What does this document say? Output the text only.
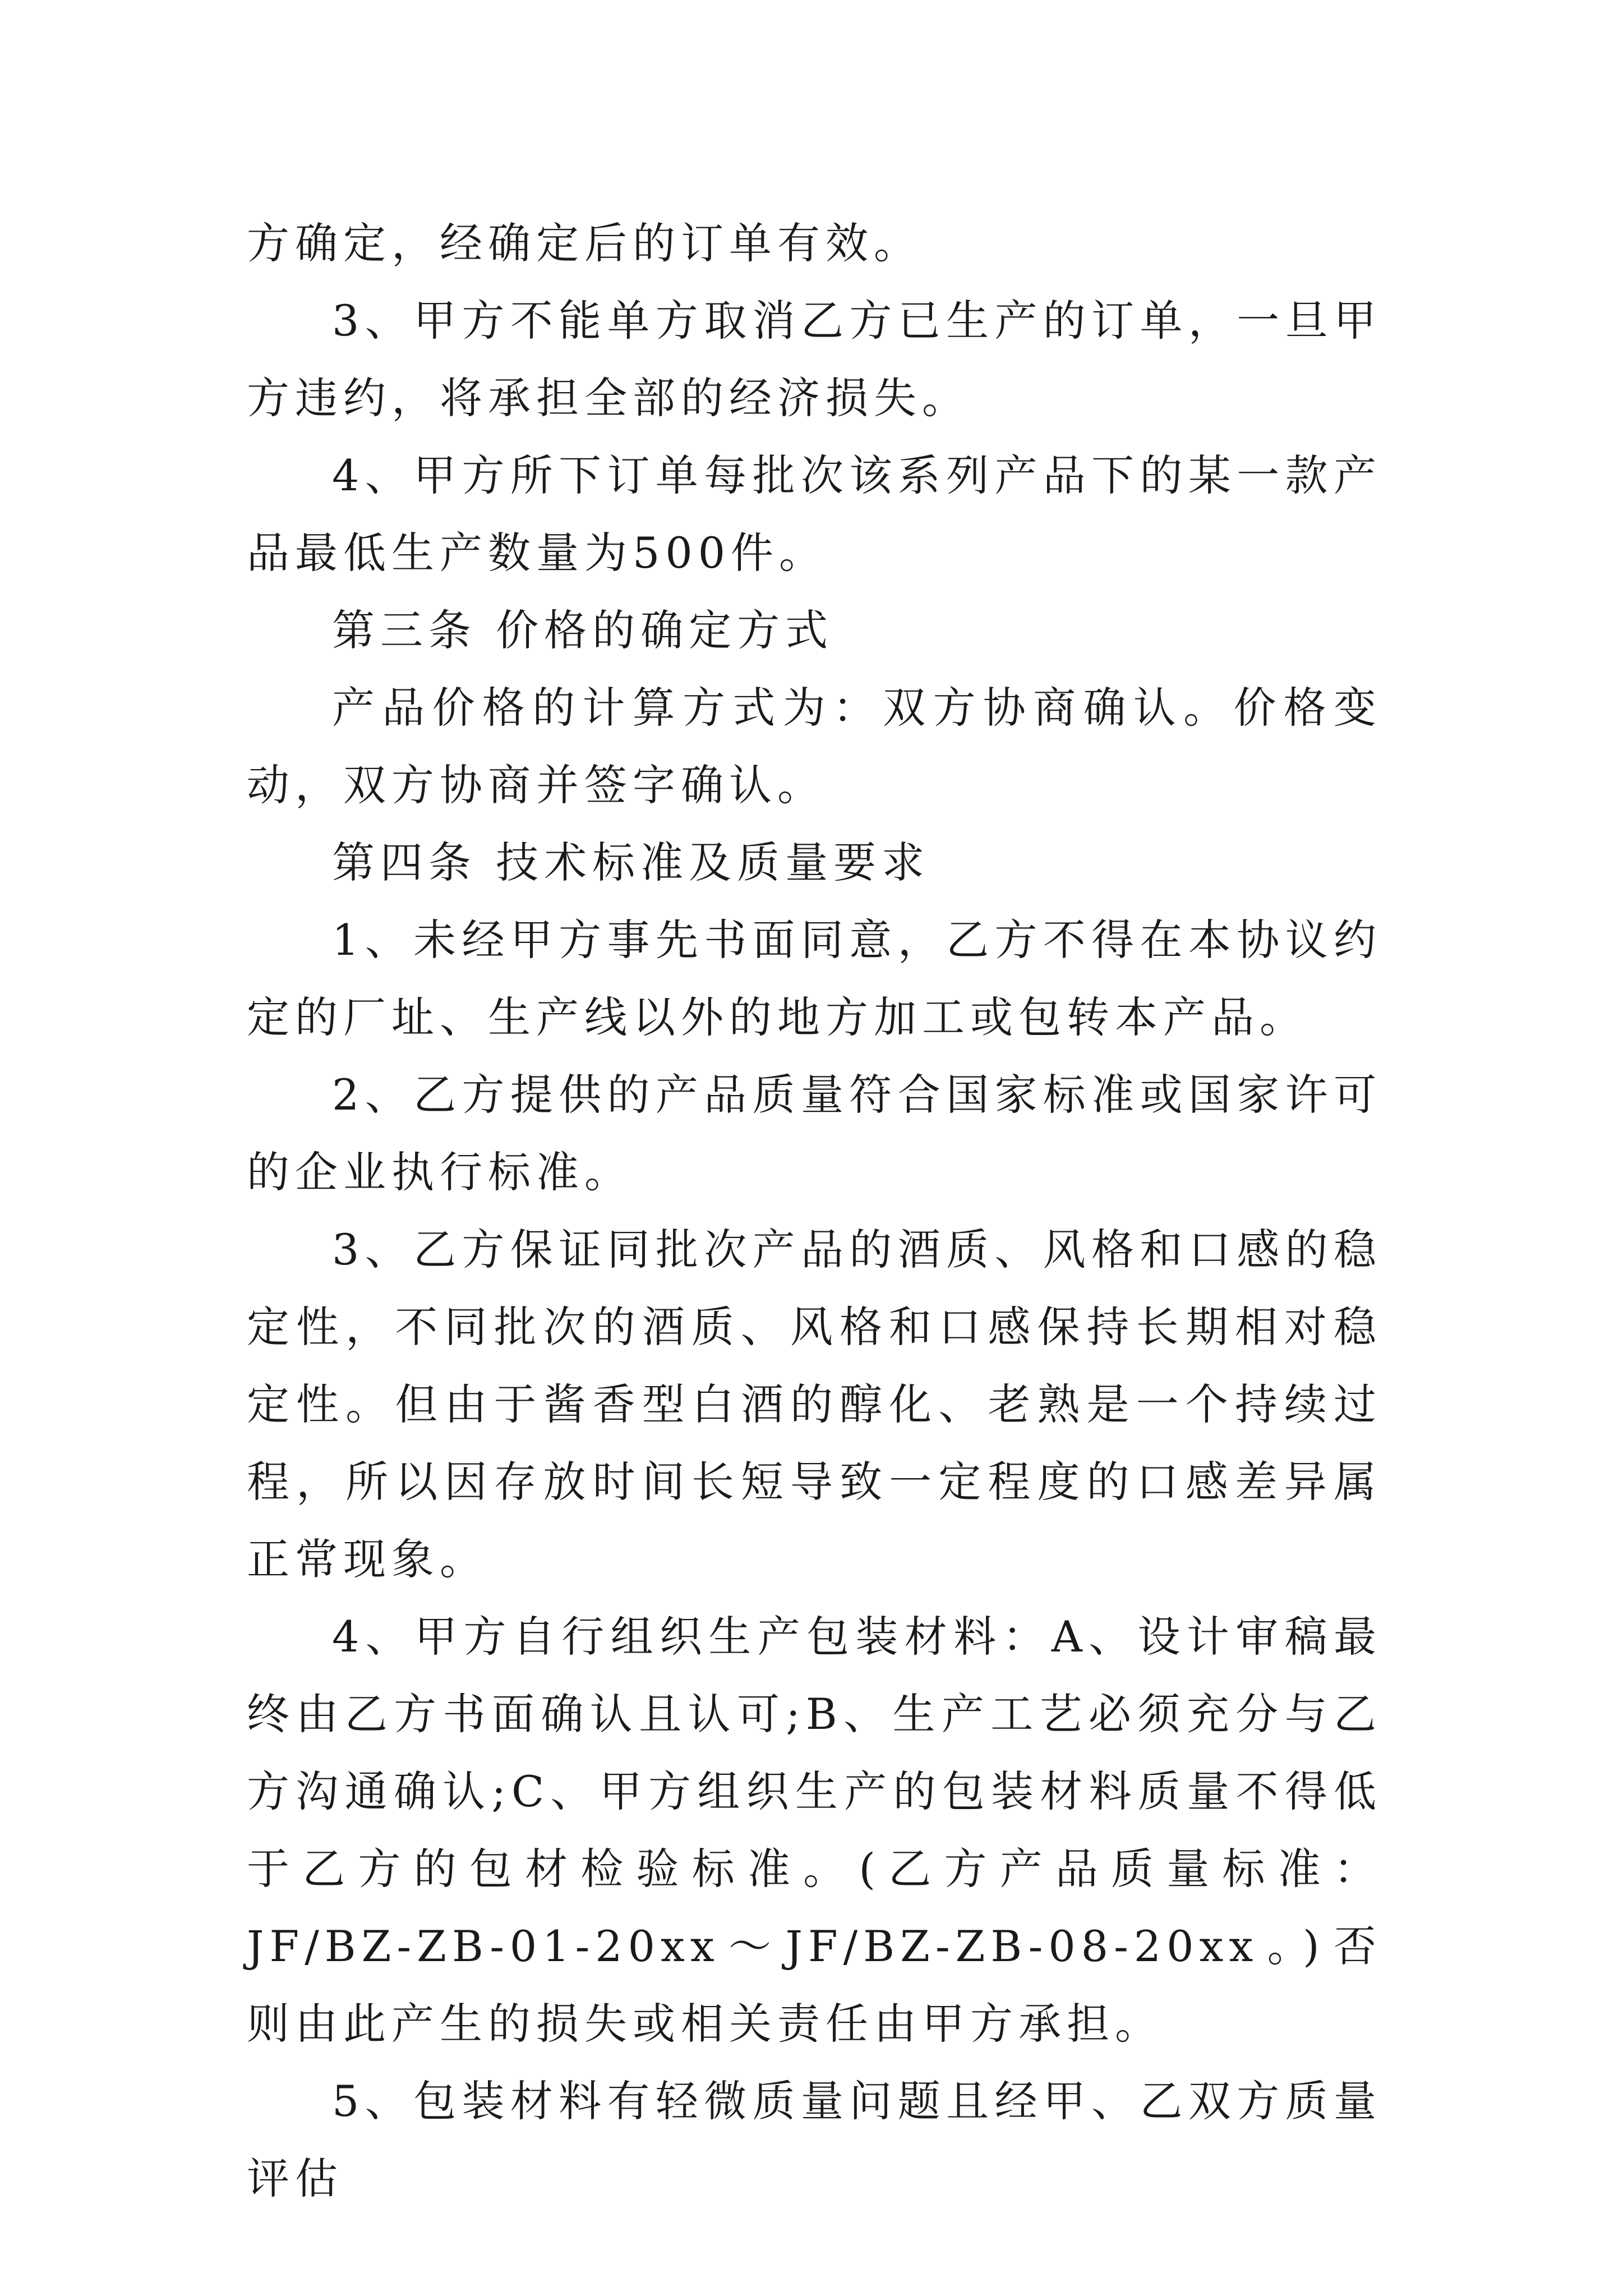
方确定，经确定后的订单有效。

3、甲方不能单方取消乙方已生产的订单，一旦甲方违约，将承担全部的经济损失。

4、甲方所下订单每批次该系列产品下的某一款产品最低生产数量为500件。

第三条 价格的确定方式

产品价格的计算方式为：双方协商确认。价格变动，双方协商并签字确认。

第四条 技术标准及质量要求

1、未经甲方事先书面同意，乙方不得在本协议约定的厂址、生产线以外的地方加工或包转本产品。

2、乙方提供的产品质量符合国家标准或国家许可的企业执行标准。

3、乙方保证同批次产品的酒质、风格和口感的稳定性，不同批次的酒质、风格和口感保持长期相对稳定性。但由于酱香型白酒的醇化、老熟是一个持续过程，所以因存放时间长短导致一定程度的口感差异属正常现象。

4、甲方自行组织生产包装材料：A、设计审稿最终由乙方书面确认且认可;B、生产工艺必须充分与乙方沟通确认;C、甲方组织生产的包装材料质量不得低于乙方的包材检验标准。(乙方产品质量标准：JF/BZ-ZB-01-20xx～JF/BZ-ZB-08-20xx。)否则由此产生的损失或相关责任由甲方承担。

5、包装材料有轻微质量问题且经甲、乙双方质量评估
